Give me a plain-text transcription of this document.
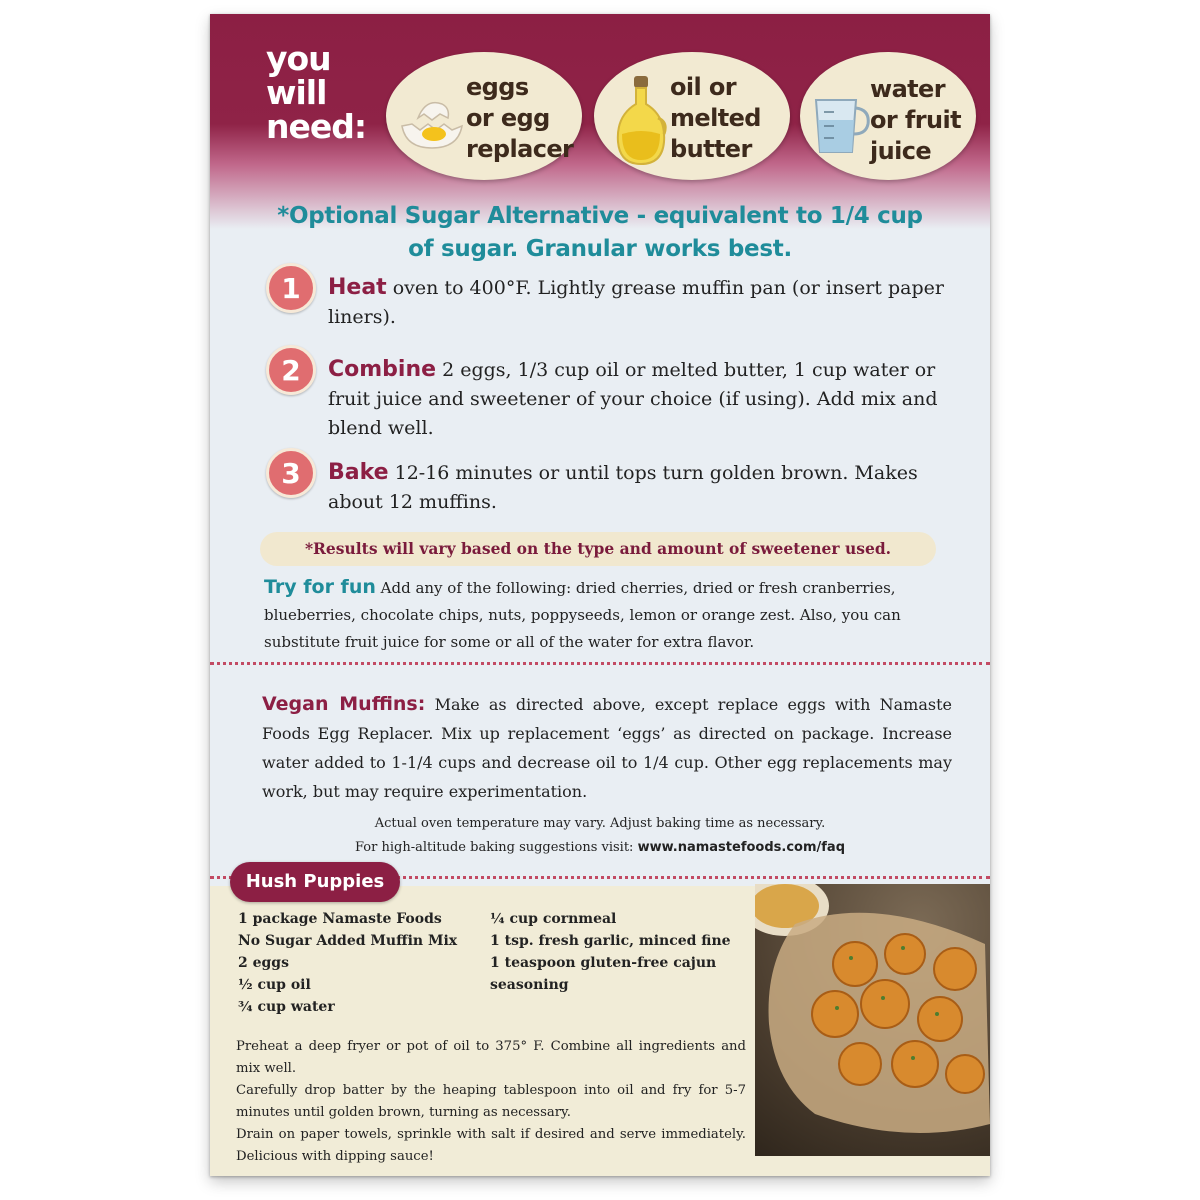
you
will
need:
eggs
or egg
replacer
oil or
melted
butter
water
or fruit
juice
*Optional Sugar Alternative - equivalent to 1/4 cup
of sugar. Granular works best.
1	Heat oven to 400°F. Lightly grease muffin pan (or insert paper liners).
2	Combine 2 eggs, 1/3 cup oil or melted butter, 1 cup water or fruit juice and sweetener of your choice (if using). Add mix and blend well.
3	Bake 12-16 minutes or until tops turn golden brown. Makes about 12 muffins.
*Results will vary based on the type and amount of sweetener used.
Try for fun Add any of the following: dried cherries, dried or fresh cranberries, blueberries, chocolate chips, nuts, poppyseeds, lemon or orange zest. Also, you can substitute fruit juice for some or all of the water for extra flavor.
Vegan Muffins: Make as directed above, except replace eggs with Namaste Foods Egg Replacer. Mix up replacement ‘eggs’ as directed on package. Increase water added to 1-1/4 cups and decrease oil to 1/4 cup. Other egg replacements may work, but may require experimentation.
Actual oven temperature may vary. Adjust baking time as necessary.
For high-altitude baking suggestions visit: www.namastefoods.com/faq
Hush Puppies
1 package Namaste Foods
No Sugar Added Muffin Mix
2 eggs
½ cup oil
¾ cup water
¼ cup cornmeal
1 tsp. fresh garlic, minced fine
1 teaspoon gluten-free cajun
seasoning
Preheat a deep fryer or pot of oil to 375° F. Combine all ingredients and mix well.
Carefully drop batter by the heaping tablespoon into oil and fry for 5-7 minutes until golden brown, turning as necessary.
Drain on paper towels, sprinkle with salt if desired and serve immediately. Delicious with dipping sauce!
